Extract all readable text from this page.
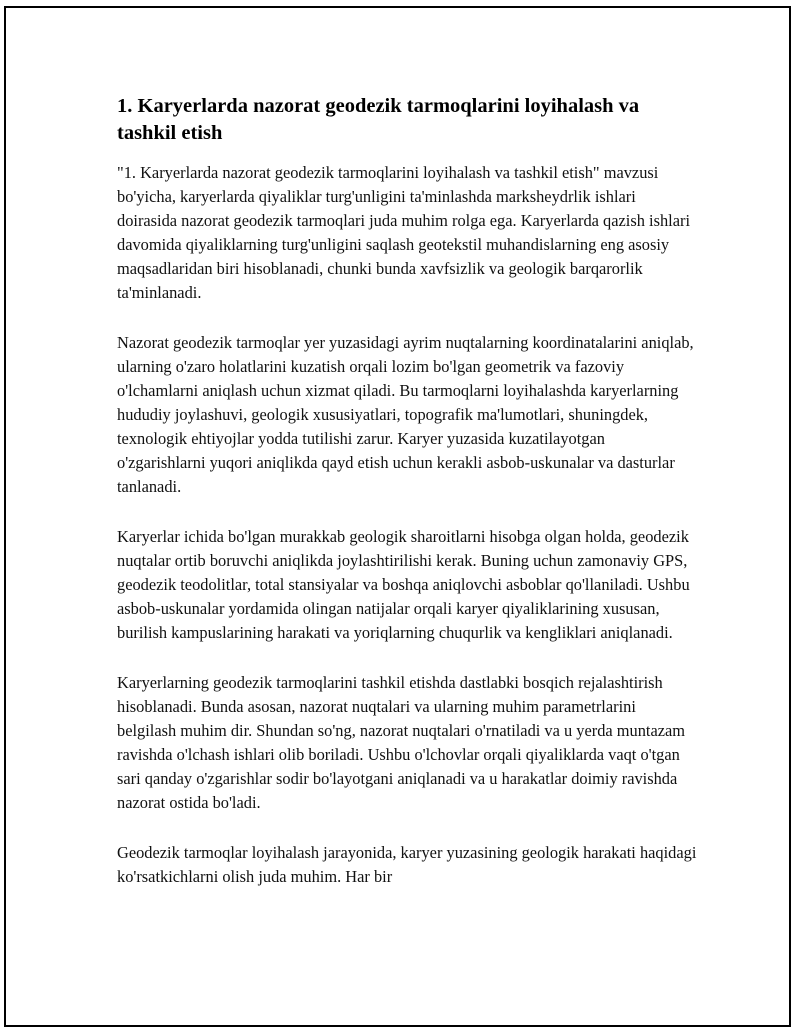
1. Karyerlarda nazorat geodezik tarmoqlarini loyihalash va tashkil etish

"1. Karyerlarda nazorat geodezik tarmoqlarini loyihalash va tashkil etish" mavzusi bo'yicha, karyerlarda qiyaliklar turg'unligini ta'minlashda marksheydrlik ishlari doirasida nazorat geodezik tarmoqlari juda muhim rolga ega. Karyerlarda qazish ishlari davomida qiyaliklarning turg'unligini saqlash geotekstil muhandislarning eng asosiy maqsadlaridan biri hisoblanadi, chunki bunda xavfsizlik va geologik barqarorlik ta'minlanadi.

Nazorat geodezik tarmoqlar yer yuzasidagi ayrim nuqtalarning koordinatalarini aniqlab, ularning o'zaro holatlarini kuzatish orqali lozim bo'lgan geometrik va fazoviy o'lchamlarni aniqlash uchun xizmat qiladi. Bu tarmoqlarni loyihalashda karyerlarning hududiy joylashuvi, geologik xususiyatlari, topografik ma'lumotlari, shuningdek, texnologik ehtiyojlar yodda tutilishi zarur. Karyer yuzasida kuzatilayotgan o'zgarishlarni yuqori aniqlikda qayd etish uchun kerakli asbob-uskunalar va dasturlar tanlanadi.

Karyerlar ichida bo'lgan murakkab geologik sharoitlarni hisobga olgan holda, geodezik nuqtalar ortib boruvchi aniqlikda joylashtirilishi kerak. Buning uchun zamonaviy GPS, geodezik teodolitlar, total stansiyalar va boshqa aniqlovchi asboblar qo'llaniladi. Ushbu asbob-uskunalar yordamida olingan natijalar orqali karyer qiyaliklarining xususan, burilish kampuslarining harakati va yoriqlarning chuqurlik va kengliklari aniqlanadi.

Karyerlarning geodezik tarmoqlarini tashkil etishda dastlabki bosqich rejalashtirish hisoblanadi. Bunda asosan, nazorat nuqtalari va ularning muhim parametrlarini belgilash muhim dir. Shundan so'ng, nazorat nuqtalari o'rnatiladi va u yerda muntazam ravishda o'lchash ishlari olib boriladi. Ushbu o'lchovlar orqali qiyaliklarda vaqt o'tgan sari qanday o'zgarishlar sodir bo'layotgani aniqlanadi va u harakatlar doimiy ravishda nazorat ostida bo'ladi.

Geodezik tarmoqlar loyihalash jarayonida, karyer yuzasining geologik harakati haqidagi ko'rsatkichlarni olish juda muhim. Har bir
